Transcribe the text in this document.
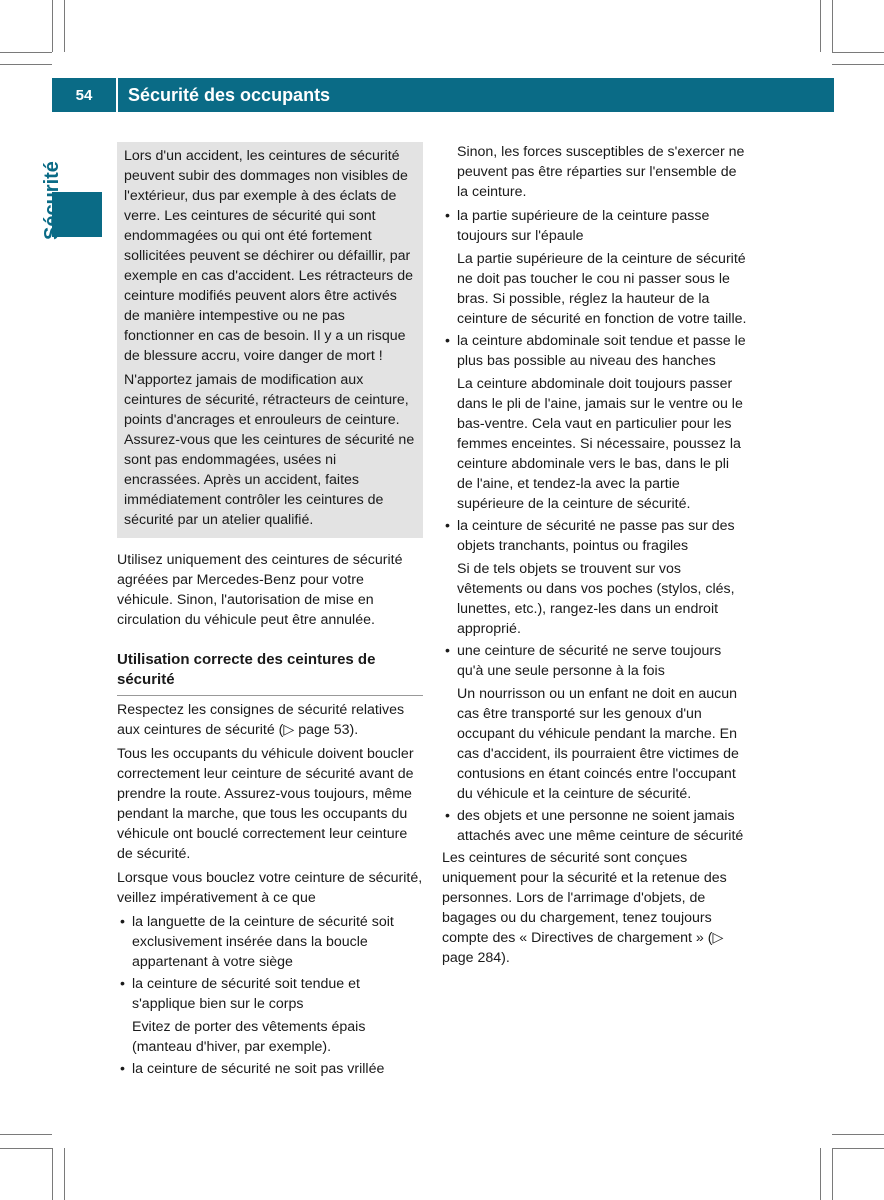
54	Sécurité des occupants
Sécurité

Lors d'un accident, les ceintures de sécurité peuvent subir des dommages non visibles de l'extérieur, dus par exemple à des éclats de verre. Les ceintures de sécurité qui sont endommagées ou qui ont été fortement sollicitées peuvent se déchirer ou défaillir, par exemple en cas d'accident. Les rétracteurs de ceinture modifiés peuvent alors être activés de manière intempestive ou ne pas fonctionner en cas de besoin. Il y a un risque de blessure accru, voire danger de mort !

N'apportez jamais de modification aux ceintures de sécurité, rétracteurs de ceinture, points d'ancrages et enrouleurs de ceinture. Assurez-vous que les ceintures de sécurité ne sont pas endommagées, usées ni encrassées. Après un accident, faites immédiatement contrôler les ceintures de sécurité par un atelier qualifié.

Utilisez uniquement des ceintures de sécurité agréées par Mercedes-Benz pour votre véhicule. Sinon, l'autorisation de mise en circulation du véhicule peut être annulée.

Utilisation correcte des ceintures de sécurité

Respectez les consignes de sécurité relatives aux ceintures de sécurité (▷ page 53).

Tous les occupants du véhicule doivent boucler correctement leur ceinture de sécurité avant de prendre la route. Assurez-vous toujours, même pendant la marche, que tous les occupants du véhicule ont bouclé correctement leur ceinture de sécurité.

Lorsque vous bouclez votre ceinture de sécurité, veillez impérativement à ce que

• la languette de la ceinture de sécurité soit exclusivement insérée dans la boucle appartenant à votre siège
• la ceinture de sécurité soit tendue et s'applique bien sur le corps
Evitez de porter des vêtements épais (manteau d'hiver, par exemple).
• la ceinture de sécurité ne soit pas vrillée

Sinon, les forces susceptibles de s'exercer ne peuvent pas être réparties sur l'ensemble de la ceinture.

• la partie supérieure de la ceinture passe toujours sur l'épaule
La partie supérieure de la ceinture de sécurité ne doit pas toucher le cou ni passer sous le bras. Si possible, réglez la hauteur de la ceinture de sécurité en fonction de votre taille.
• la ceinture abdominale soit tendue et passe le plus bas possible au niveau des hanches
La ceinture abdominale doit toujours passer dans le pli de l'aine, jamais sur le ventre ou le bas-ventre. Cela vaut en particulier pour les femmes enceintes. Si nécessaire, poussez la ceinture abdominale vers le bas, dans le pli de l'aine, et tendez-la avec la partie supérieure de la ceinture de sécurité.
• la ceinture de sécurité ne passe pas sur des objets tranchants, pointus ou fragiles
Si de tels objets se trouvent sur vos vêtements ou dans vos poches (stylos, clés, lunettes, etc.), rangez-les dans un endroit approprié.
• une ceinture de sécurité ne serve toujours qu'à une seule personne à la fois
Un nourrisson ou un enfant ne doit en aucun cas être transporté sur les genoux d'un occupant du véhicule pendant la marche. En cas d'accident, ils pourraient être victimes de contusions en étant coincés entre l'occupant du véhicule et la ceinture de sécurité.
• des objets et une personne ne soient jamais attachés avec une même ceinture de sécurité

Les ceintures de sécurité sont conçues uniquement pour la sécurité et la retenue des personnes. Lors de l'arrimage d'objets, de bagages ou du chargement, tenez toujours compte des « Directives de chargement » (▷ page 284).
